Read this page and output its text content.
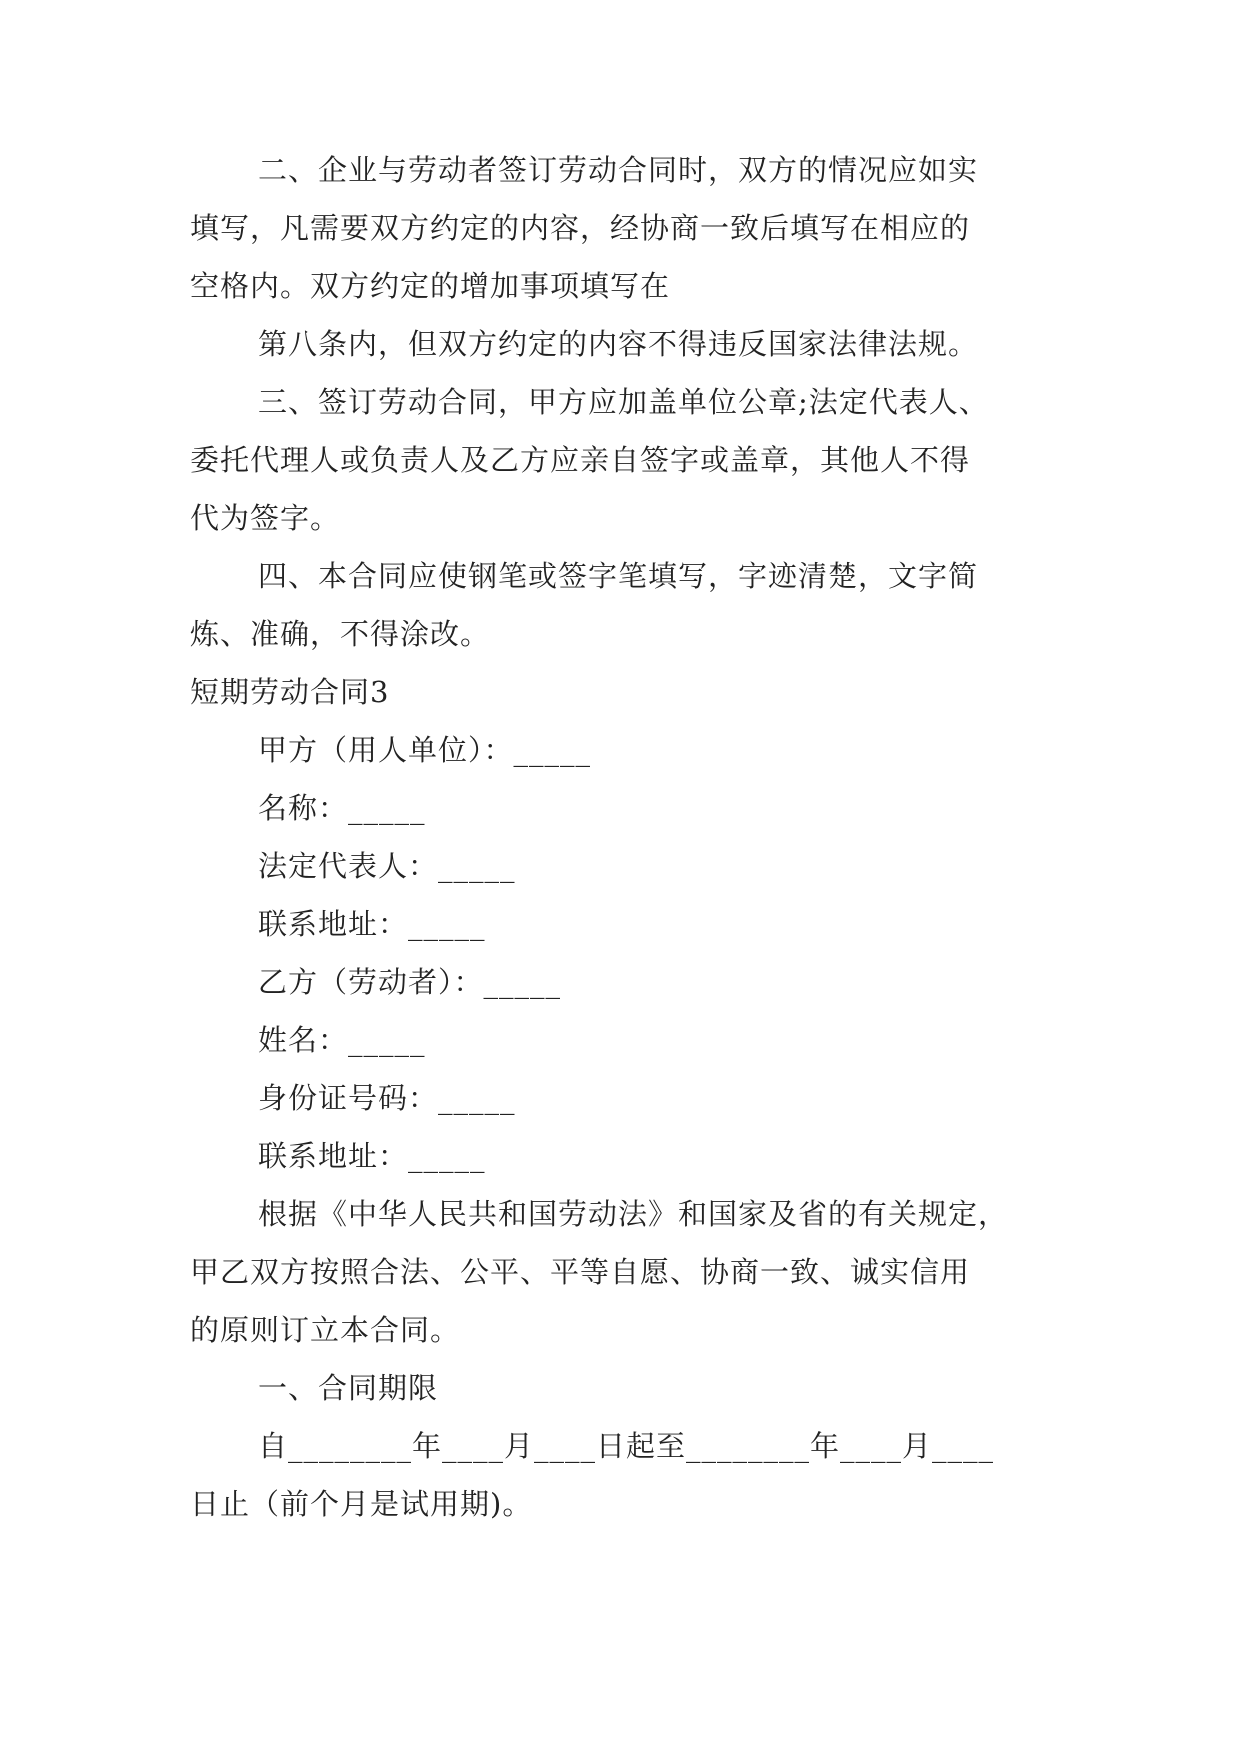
二、企业与劳动者签订劳动合同时，双方的情况应如实
填写，凡需要双方约定的内容，经协商一致后填写在相应的
空格内。双方约定的增加事项填写在
第八条内，但双方约定的内容不得违反国家法律法规。
三、签订劳动合同，甲方应加盖单位公章;法定代表人、
委托代理人或负责人及乙方应亲自签字或盖章，其他人不得
代为签字。
四、本合同应使钢笔或签字笔填写，字迹清楚，文字简
炼、准确，不得涂改。
短期劳动合同3
甲方（用人单位）：_____
名称：_____
法定代表人：_____
联系地址：_____
乙方（劳动者）：_____
姓名：_____
身份证号码：_____
联系地址：_____
根据《中华人民共和国劳动法》和国家及省的有关规定，
甲乙双方按照合法、公平、平等自愿、协商一致、诚实信用
的原则订立本合同。
一、合同期限
自________年____月____日起至________年____月____
日止（前个月是试用期)。
